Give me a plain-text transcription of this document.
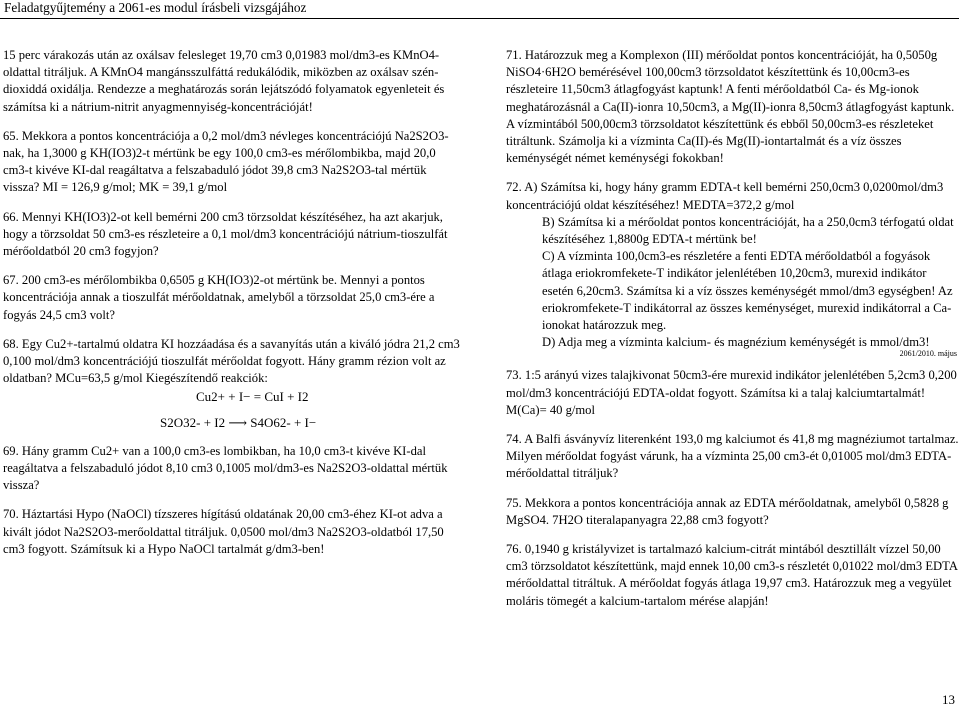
Feladatgyűjtemény a 2061-es modul írásbeli vizsgájához

15 perc várakozás után az oxálsav felesleget 19,70 cm3 0,01983 mol/dm3-es KMnO4-oldattal titráljuk. A KMnO4 mangánsszulfáttá redukálódik, miközben az oxálsav szén-dioxiddá oxidálja. Rendezze a meghatározás során lejátszódó folyamatok egyenleteit és számítsa ki a nátrium-nitrit anyagmennyiség-koncentrációját!

65. Mekkora a pontos koncentrációja a 0,2 mol/dm3 névleges koncentrációjú Na2S2O3-nak, ha 1,3000 g KH(IO3)2-t mértünk be egy 100,0 cm3-es mérőlombikba, majd 20,0 cm3-t kivéve KI-dal reagáltatva a felszabaduló jódot 39,8 cm3 Na2S2O3-tal mértük vissza? MI = 126,9 g/mol; MK = 39,1 g/mol

66. Mennyi KH(IO3)2-ot kell bemérni 200 cm3 törzsoldat készítéséhez, ha azt akarjuk, hogy a törzsoldat 50 cm3-es részleteire a 0,1 mol/dm3 koncentrációjú nátrium-tioszulfát mérőoldatból 20 cm3 fogyjon?

67. 200 cm3-es mérőlombikba 0,6505 g KH(IO3)2-ot mértünk be. Mennyi a pontos koncentrációja annak a tioszulfát mérőoldatnak, amelyből a törzsoldat 25,0 cm3-ére a fogyás 24,5 cm3 volt?

68. Egy Cu2+-tartalmú oldatra KI hozzáadása és a savanyítás után a kiváló jódra 21,2 cm3 0,100 mol/dm3 koncentrációjú tioszulfát mérőoldat fogyott. Hány gramm rézion volt az oldatban? MCu=63,5 g/mol Kiegészítendő reakciók:

Cu2+ + I− = CuI + I2
S2O32- + I2 ⟶ S4O62- + I−

69. Hány gramm Cu2+ van a 100,0 cm3-es lombikban, ha 10,0 cm3-t kivéve KI-dal reagáltatva a felszabaduló jódot 8,10 cm3 0,1005 mol/dm3-es Na2S2O3-oldattal mértük vissza?

70. Háztartási Hypo (NaOCl) tízszeres hígítású oldatának 20,00 cm3-éhez KI-ot adva a kivált jódot Na2S2O3-merőoldattal titráljuk. 0,0500 mol/dm3 Na2S2O3-oldatból 17,50 cm3 fogyott. Számítsuk ki a Hypo NaOCl tartalmát g/dm3-ben!

71. Határozzuk meg a Komplexon (III) mérőoldat pontos koncentrációját, ha 0,5050g NiSO4·6H2O bemérésével 100,00cm3 törzsoldatot készítettünk és 10,00cm3-es részleteire 11,50cm3 átlagfogyást kaptunk! A fenti mérőoldatból Ca- és Mg-ionok meghatározásnál a Ca(II)-ionra 10,50cm3, a Mg(II)-ionra 8,50cm3 átlagfogyást kaptunk. A vízmintából 500,00cm3 törzsoldatot készítettünk és ebből 50,00cm3-es részleteket titráltunk. Számolja ki a vízminta Ca(II)-és Mg(II)-iontartalmát és a víz összes keménységét német keménységi fokokban!

72. A) Számítsa ki, hogy hány gramm EDTA-t kell bemérni 250,0cm3 0,0200mol/dm3 koncentrációjú oldat készítéséhez! MEDTA=372,2 g/mol

B) Számítsa ki a mérőoldat pontos koncentrációját, ha a 250,0cm3 térfogatú oldat készítéséhez 1,8800g EDTA-t mértünk be!

C) A vízminta 100,0cm3-es részletére a fenti EDTA mérőoldatból a fogyások átlaga eriokromfekete-T indikátor jelenlétében 10,20cm3, murexid indikátor esetén 6,20cm3. Számítsa ki a víz összes keménységét mmol/dm3 egységben! Az eriokromfekete-T indikátorral az összes keménységet, murexid indikátorral a Ca-ionokat határozzuk meg.

D) Adja meg a vízminta kalcium- és magnézium keménységét is mmol/dm3!

2061/2010. május

73. 1:5 arányú vizes talajkivonat 50cm3-ére murexid indikátor jelenlétében 5,2cm3 0,200 mol/dm3 koncentrációjú EDTA-oldat fogyott. Számítsa ki a talaj kalciumtartalmát! M(Ca)= 40 g/mol

74. A Balfi ásványvíz literenként 193,0 mg kalciumot és 41,8 mg magnéziumot tartalmaz. Milyen mérőoldat fogyást várunk, ha a vízminta 25,00 cm3-ét 0,01005 mol/dm3 EDTA-mérőoldattal titráljuk?

75. Mekkora a pontos koncentrációja annak az EDTA mérőoldatnak, amelyből 0,5828 g MgSO4. 7H2O titeralapanyagra 22,88 cm3 fogyott?

76. 0,1940 g kristályvizet is tartalmazó kalcium-citrát mintából desztillált vízzel 50,00 cm3 törzsoldatot készítettünk, majd ennek 10,00 cm3-s részletét 0,01022 mol/dm3 EDTA mérőoldattal titráltuk. A mérőoldat fogyás átlaga 19,97 cm3. Határozzuk meg a vegyület moláris tömegét a kalcium-tartalom mérése alapján!

13
